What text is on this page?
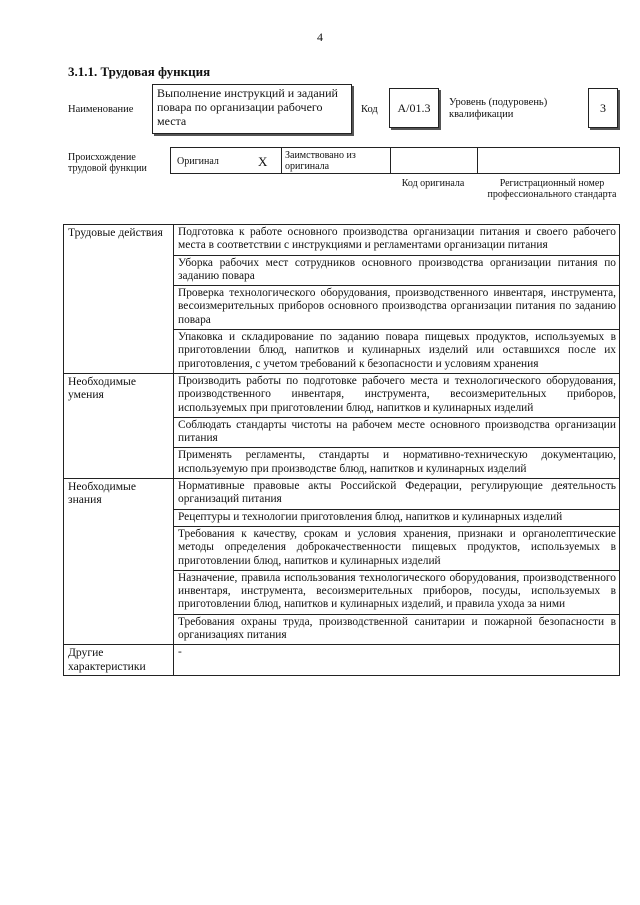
4
3.1.1. Трудовая функция
Наименование
Выполнение инструкций и заданий повара по организации рабочего места
Код	A/01.3	Уровень (подуровень) квалификации	3
Происхождение трудовой функции
Оригинал	X Заимствовано из оригинала
Код оригинала	Регистрационный номер профессионального стандарта
Трудовые действия	Подготовка к работе основного производства организации питания и своего рабочего места в соответствии с инструкциями и регламентами организации питания
	Уборка рабочих мест сотрудников основного производства организации питания по заданию повара
	Проверка технологического оборудования, производственного инвентаря, инструмента, весоизмерительных приборов основного производства организации питания по заданию повара
	Упаковка и складирование по заданию повара пищевых продуктов, используемых в приготовлении блюд, напитков и кулинарных изделий или оставшихся после их приготовления, с учетом требований к безопасности и условиям хранения
Необходимые умения	Производить работы по подготовке рабочего места и технологического оборудования, производственного инвентаря, инструмента, весоизмерительных приборов, используемых при приготовлении блюд, напитков и кулинарных изделий
	Соблюдать стандарты чистоты на рабочем месте основного производства организации питания
	Применять регламенты, стандарты и нормативно-техническую документацию, используемую при производстве блюд, напитков и кулинарных изделий
Необходимые знания	Нормативные правовые акты Российской Федерации, регулирующие деятельность организаций питания
	Рецептуры и технологии приготовления блюд, напитков и кулинарных изделий
	Требования к качеству, срокам и условия хранения, признаки и органолептические методы определения доброкачественности пищевых продуктов, используемых в приготовлении блюд, напитков и кулинарных изделий
	Назначение, правила использования технологического оборудования, производственного инвентаря, инструмента, весоизмерительных приборов, посуды, используемых в приготовлении блюд, напитков и кулинарных изделий, и правила ухода за ними
	Требования охраны труда, производственной санитарии и пожарной безопасности в организациях питания
Другие характеристики	-
